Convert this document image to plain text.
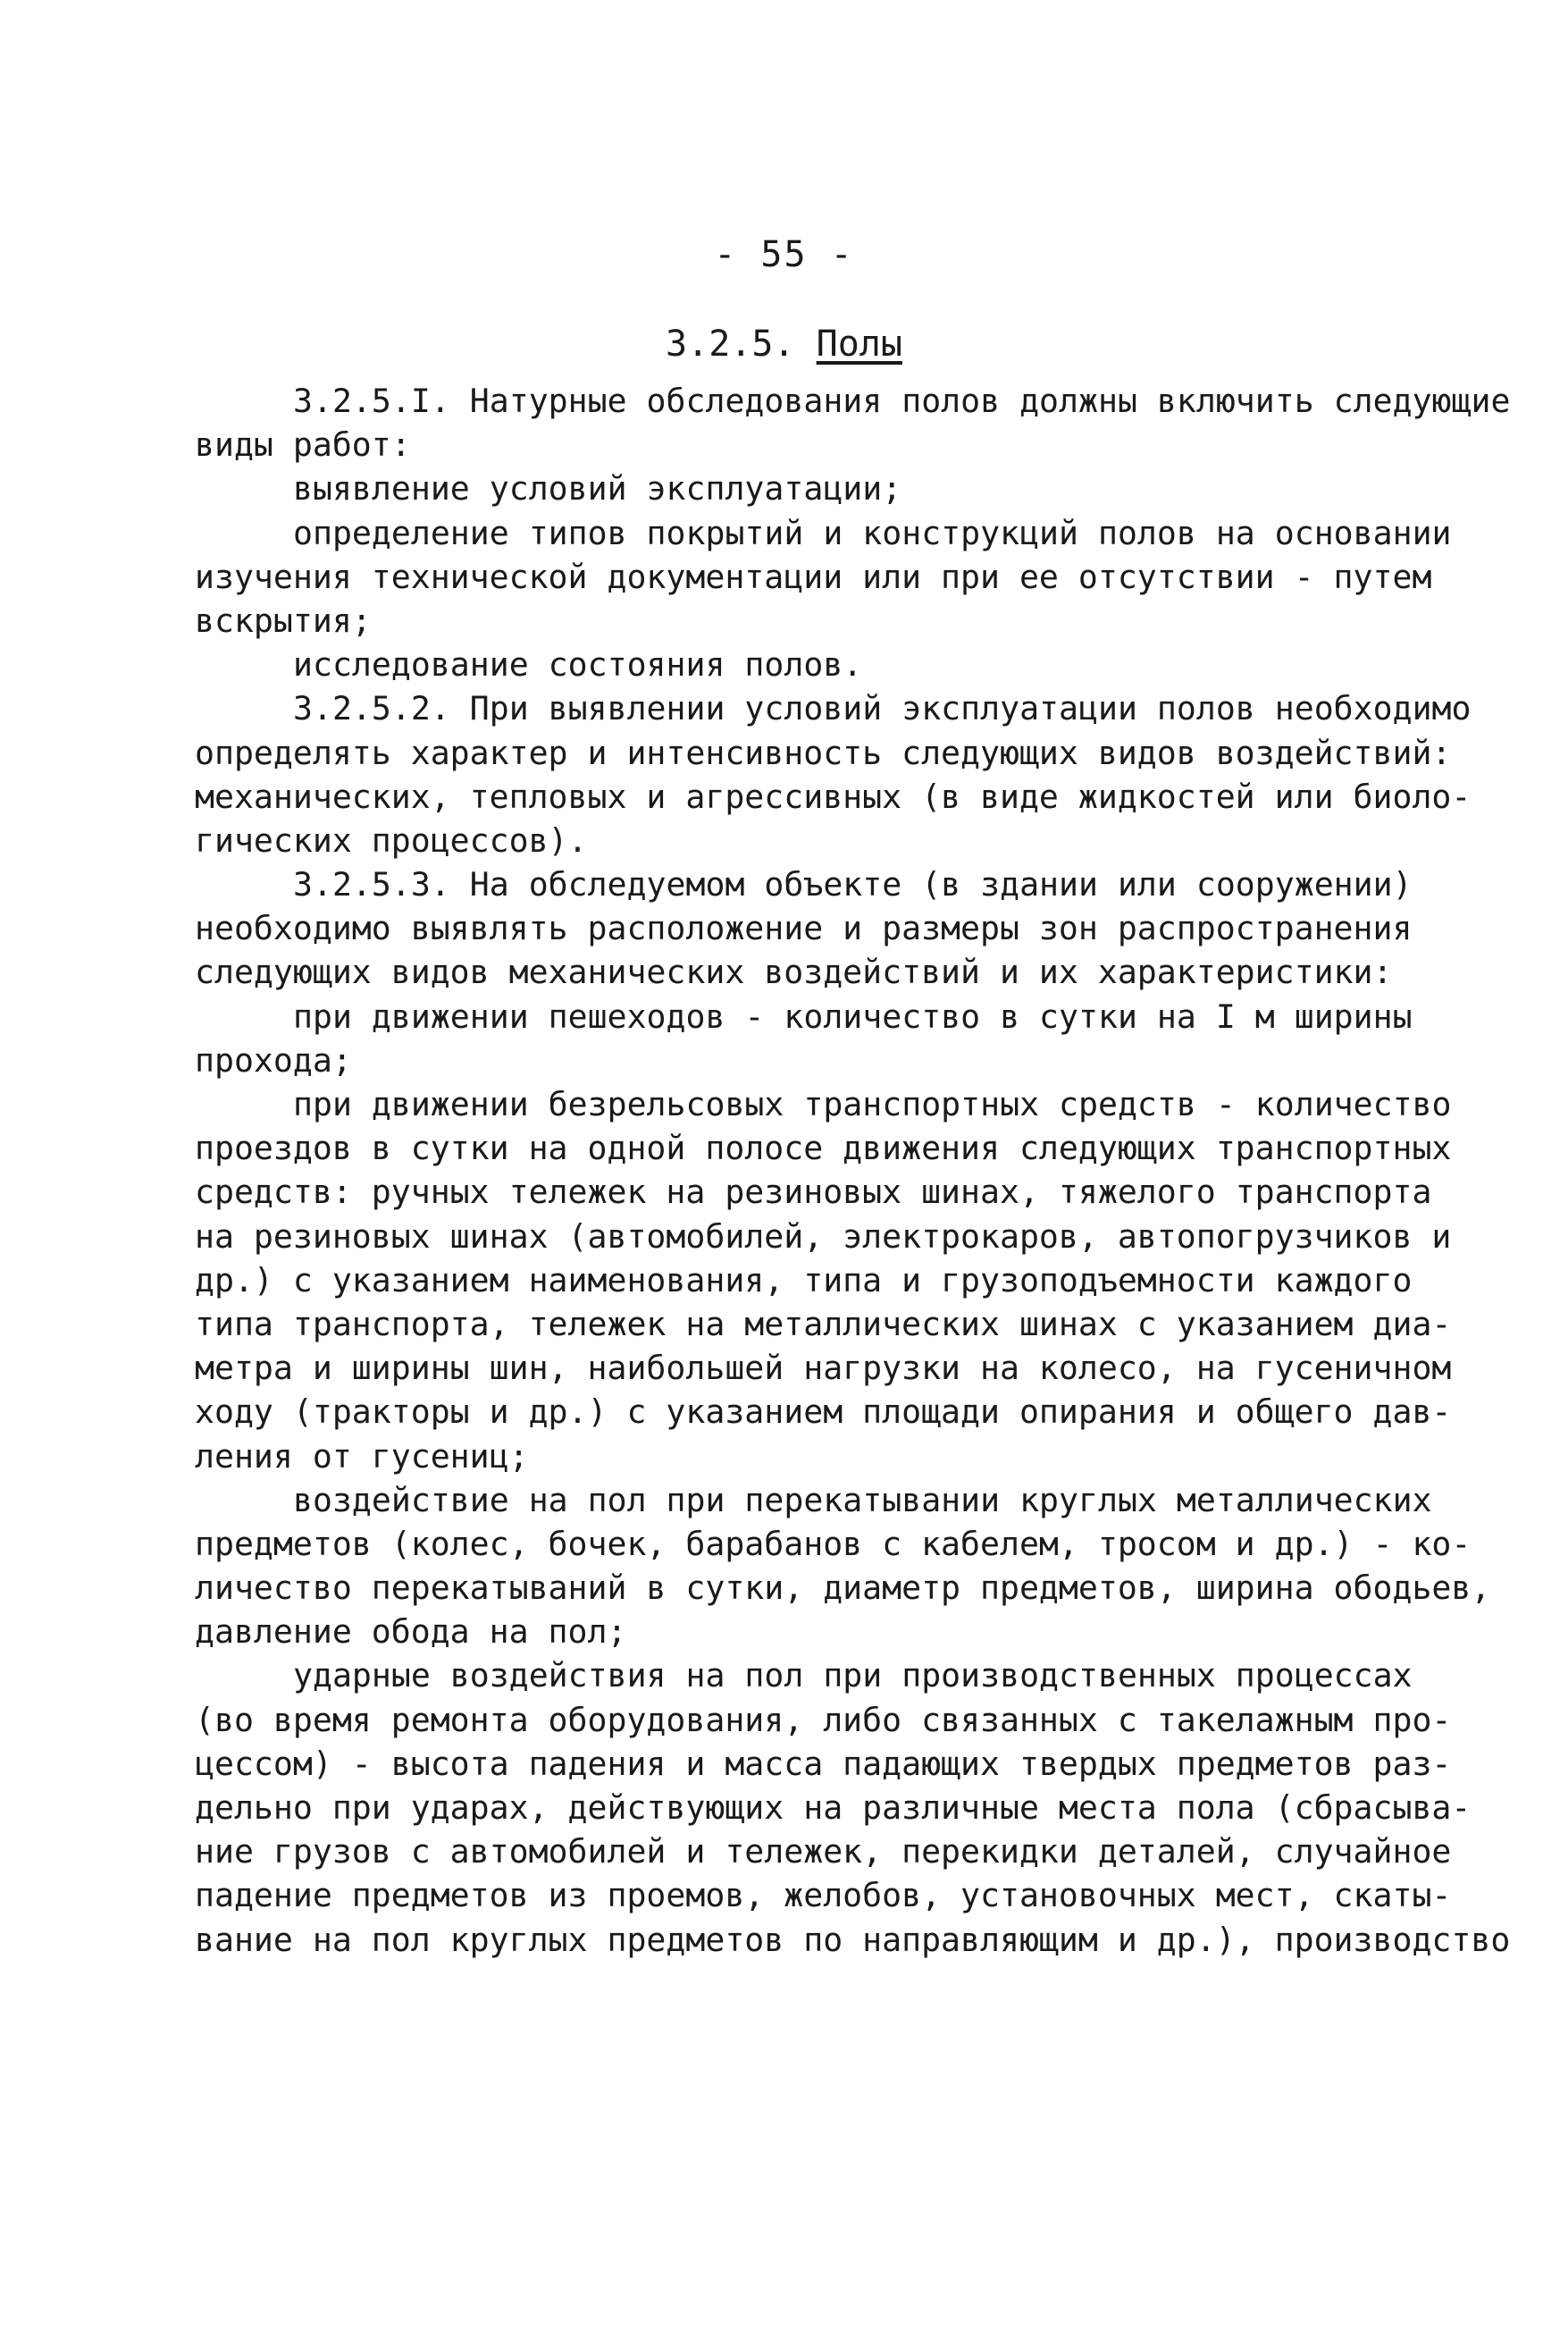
- 55 -
3.2.5. Полы
3.2.5.I. Натурные обследования полов должны включить следующие
виды работ:
выявление условий эксплуатации;
определение типов покрытий и конструкций полов на основании
изучения технической документации или при ее отсутствии - путем
вскрытия;
исследование состояния полов.
3.2.5.2. При выявлении условий эксплуатации полов необходимо
определять характер и интенсивность следующих видов воздействий:
механических, тепловых и агрессивных (в виде жидкостей или биоло-
гических процессов).
3.2.5.3. На обследуемом объекте (в здании или сооружении)
необходимо выявлять расположение и размеры зон распространения
следующих видов механических воздействий и их характеристики:
при движении пешеходов - количество в сутки на I м ширины
прохода;
при движении безрельсовых транспортных средств - количество
проездов в сутки на одной полосе движения следующих транспортных
средств: ручных тележек на резиновых шинах, тяжелого транспорта
на резиновых шинах (автомобилей, электрокаров, автопогрузчиков и
др.) с указанием наименования, типа и грузоподъемности каждого
типа транспорта, тележек на металлических шинах с указанием диа-
метра и ширины шин, наибольшей нагрузки на колесо, на гусеничном
ходу (тракторы и др.) с указанием площади опирания и общего дав-
ления от гусениц;
воздействие на пол при перекатывании круглых металлических
предметов (колес, бочек, барабанов с кабелем, тросом и др.) - ко-
личество перекатываний в сутки, диаметр предметов, ширина ободьев,
давление обода на пол;
ударные воздействия на пол при производственных процессах
(во время ремонта оборудования, либо связанных с такелажным про-
цессом) - высота падения и масса падающих твердых предметов раз-
дельно при ударах, действующих на различные места пола (сбрасыва-
ние грузов с автомобилей и тележек, перекидки деталей, случайное
падение предметов из проемов, желобов, установочных мест, скаты-
вание на пол круглых предметов по направляющим и др.), производство
